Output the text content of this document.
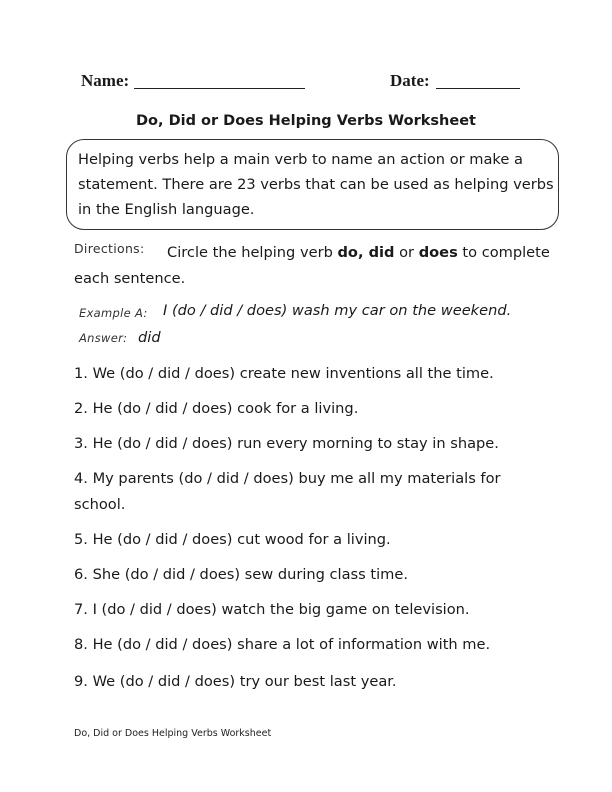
Name:	Date:
Do, Did or Does Helping Verbs Worksheet
Helping verbs help a main verb to name an action or make a statement. There are 23 verbs that can be used as helping verbs in the English language.
Directions:	Circle the helping verb do, did or does to complete each sentence.
Example A: I (do / did / does) wash my car on the weekend.
Answer: did
1. We (do / did / does) create new inventions all the time.
2. He (do / did / does) cook for a living.
3. He (do / did / does) run every morning to stay in shape.
4. My parents (do / did / does) buy me all my materials for school.
5. He (do / did / does) cut wood for a living.
6. She (do / did / does) sew during class time.
7. I (do / did / does) watch the big game on television.
8. He (do / did / does) share a lot of information with me.
9. We (do / did / does) try our best last year.
Do, Did or Does Helping Verbs Worksheet
